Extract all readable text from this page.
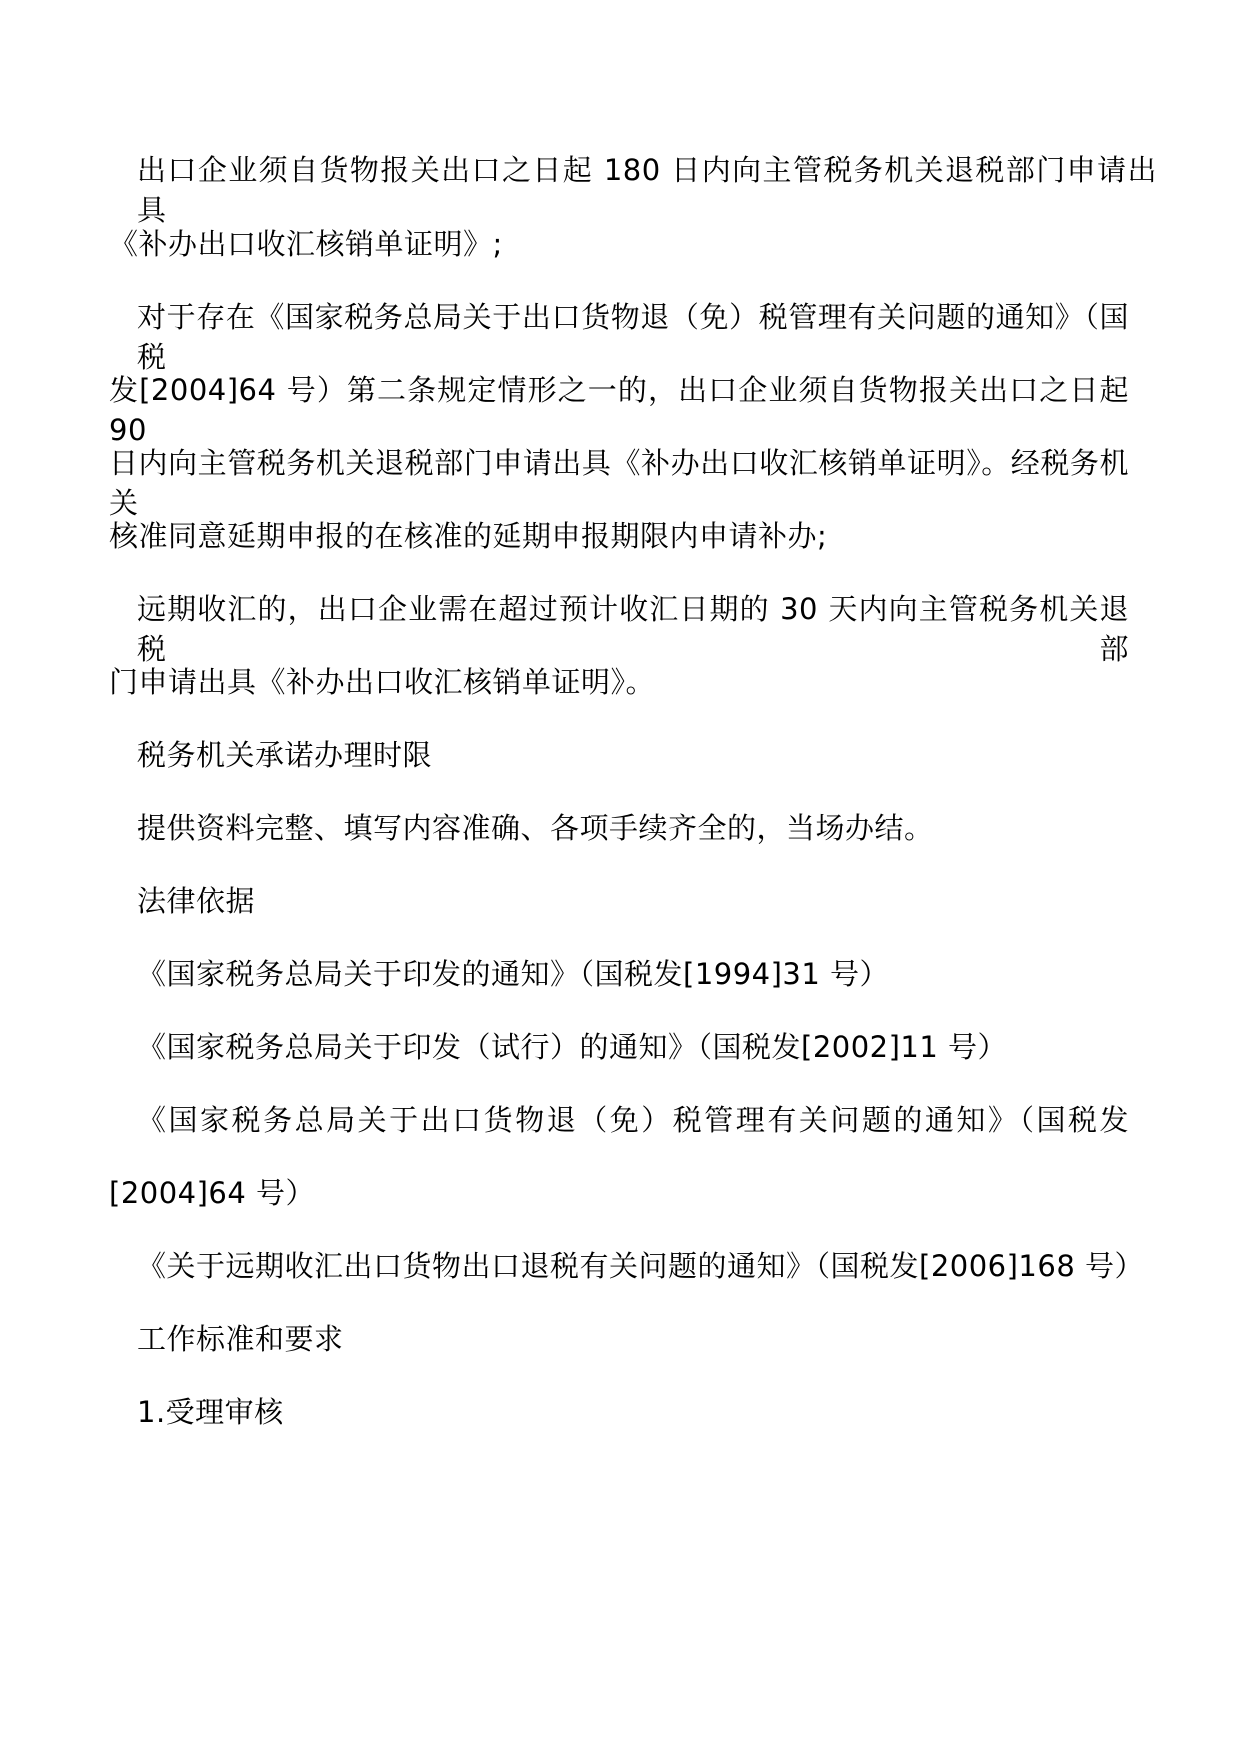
出口企业须自货物报关出口之日起 180 日内向主管税务机关退税部门申请出具
《补办出口收汇核销单证明》;
对于存在《国家税务总局关于出口货物退（免）税管理有关问题的通知》（国税
发[2004]64 号）第二条规定情形之一的，出口企业须自货物报关出口之日起 90
日内向主管税务机关退税部门申请出具《补办出口收汇核销单证明》。经税务机关
核准同意延期申报的在核准的延期申报期限内申请补办;
远期收汇的，出口企业需在超过预计收汇日期的 30 天内向主管税务机关退税部
门申请出具《补办出口收汇核销单证明》。
税务机关承诺办理时限
提供资料完整、填写内容准确、各项手续齐全的，当场办结。
法律依据
《国家税务总局关于印发的通知》（国税发[1994]31 号）
《国家税务总局关于印发（试行）的通知》（国税发[2002]11 号）
《国家税务总局关于出口货物退（免）税管理有关问题的通知》（国税发
[2004]64 号）
《关于远期收汇出口货物出口退税有关问题的通知》（国税发[2006]168 号）
工作标准和要求
1.受理审核
